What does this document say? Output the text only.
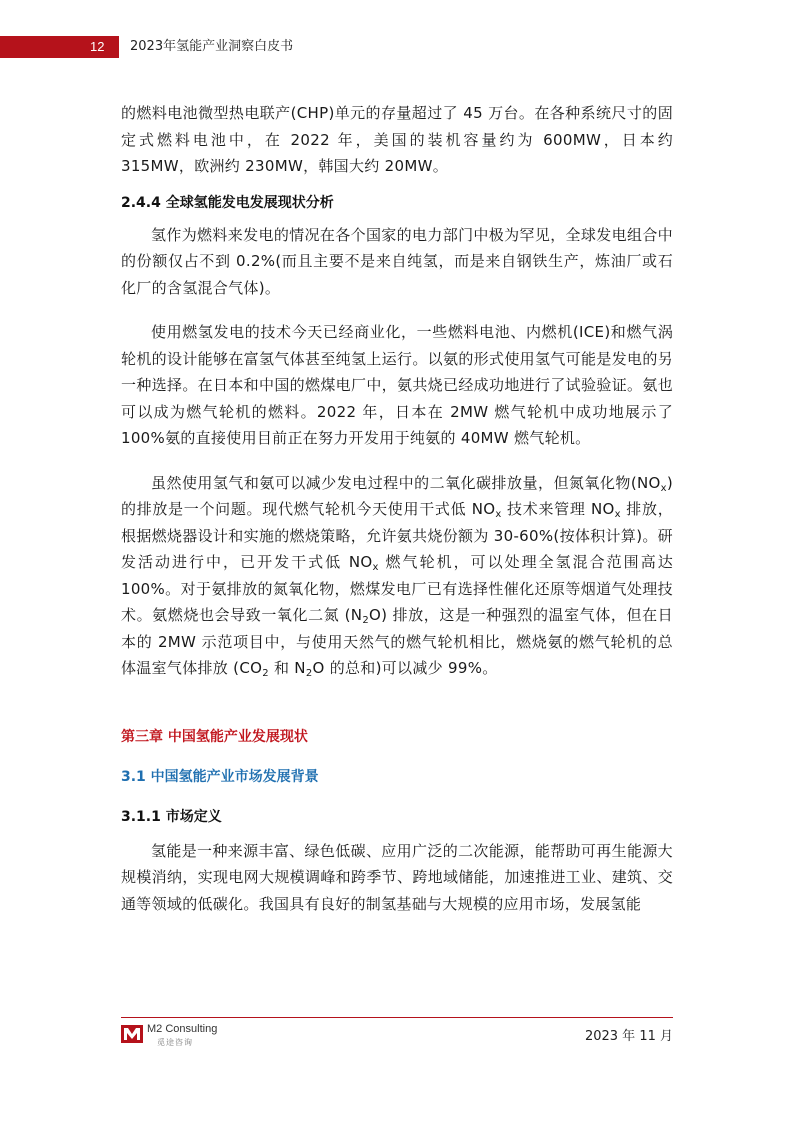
12	2023年氢能产业洞察白皮书

的燃料电池微型热电联产(CHP)单元的存量超过了 45 万台。在各种系统尺寸的固定式燃料电池中，在 2022 年，美国的装机容量约为 600MW，日本约 315MW，欧洲约 230MW，韩国大约 20MW。

2.4.4 全球氢能发电发展现状分析

氢作为燃料来发电的情况在各个国家的电力部门中极为罕见，全球发电组合中的份额仅占不到 0.2%(而且主要不是来自纯氢，而是来自钢铁生产，炼油厂或石化厂的含氢混合气体)。

使用燃氢发电的技术今天已经商业化，一些燃料电池、内燃机(ICE)和燃气涡轮机的设计能够在富氢气体甚至纯氢上运行。以氨的形式使用氢气可能是发电的另一种选择。在日本和中国的燃煤电厂中，氨共烧已经成功地进行了试验验证。氨也可以成为燃气轮机的燃料。2022 年，日本在 2MW 燃气轮机中成功地展示了 100%氨的直接使用目前正在努力开发用于纯氨的 40MW 燃气轮机。

虽然使用氢气和氨可以减少发电过程中的二氧化碳排放量，但氮氧化物$(NO_x)$的排放是一个问题。现代燃气轮机今天使用干式低 $NO_x$ 技术来管理 $NO_x$ 排放，根据燃烧器设计和实施的燃烧策略，允许氨共烧份额为 30-60%(按体积计算)。研发活动进行中，已开发干式低 $NO_x$ 燃气轮机，可以处理全氢混合范围高达 100%。对于氨排放的氮氧化物，燃煤发电厂已有选择性催化还原等烟道气处理技术。氨燃烧也会导致一氧化二氮 $(N_2O)$ 排放，这是一种强烈的温室气体，但在日本的 2MW 示范项目中，与使用天然气的燃气轮机相比，燃烧氨的燃气轮机的总体温室气体排放 ($CO_2$ 和 $N_2O$ 的总和)可以减少 99%。

第三章 中国氢能产业发展现状

3.1 中国氢能产业市场发展背景

3.1.1 市场定义

氢能是一种来源丰富、绿色低碳、应用广泛的二次能源，能帮助可再生能源大规模消纳，实现电网大规模调峰和跨季节、跨地域储能，加速推进工业、建筑、交通等领域的低碳化。我国具有良好的制氢基础与大规模的应用市场，发展氢能

M2 Consulting
觅途咨询	2023 年 11 月
